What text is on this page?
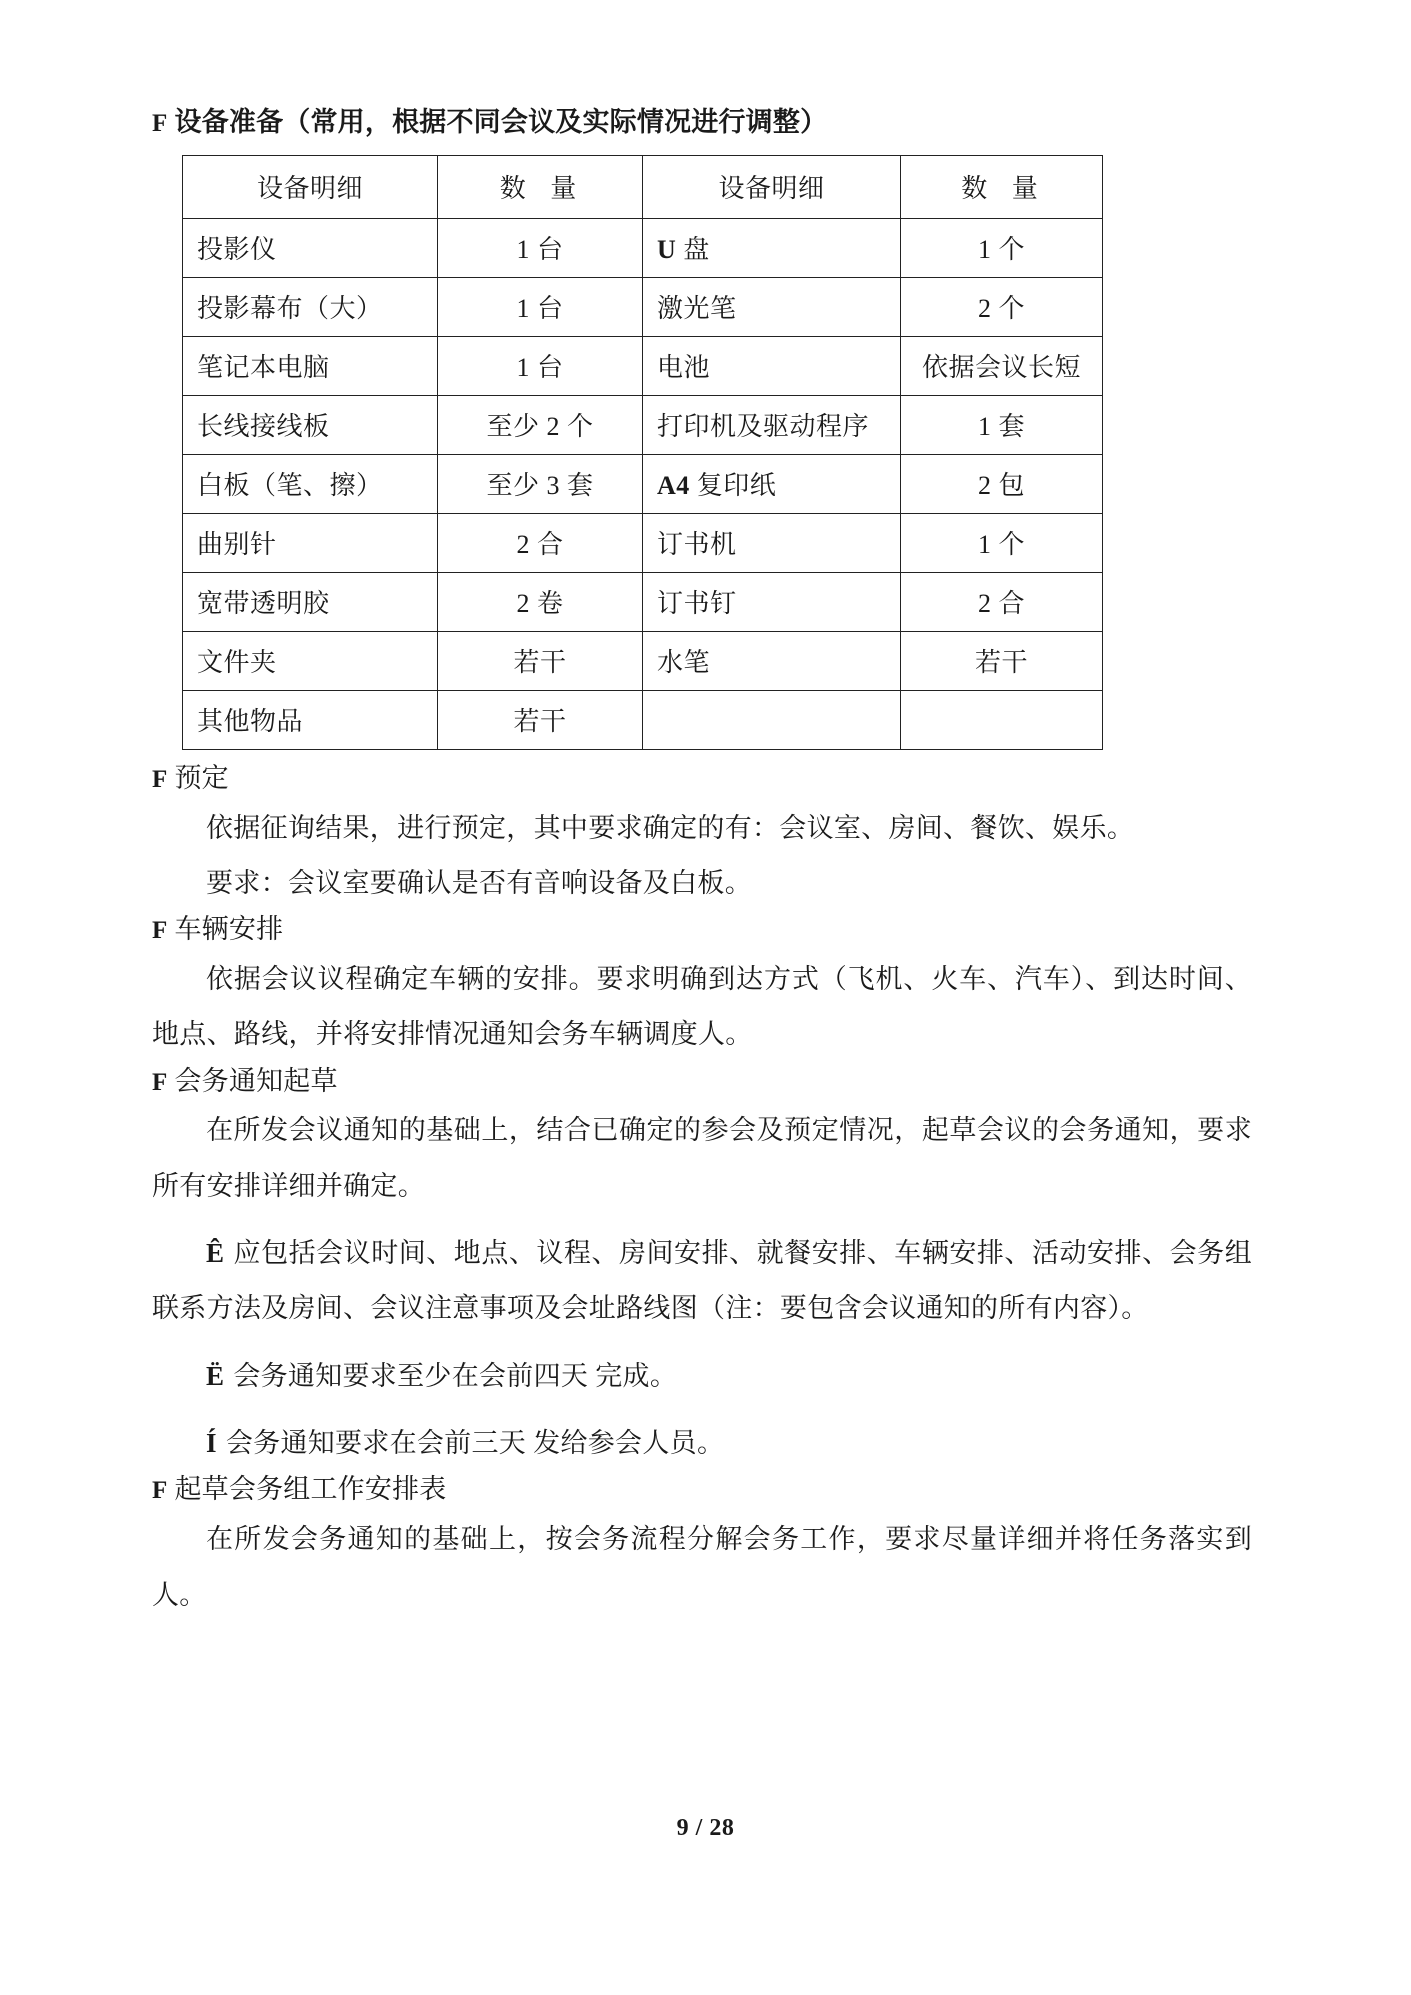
F 设备准备（常用，根据不同会议及实际情况进行调整）
设备明细	数 量	设备明细	数 量
投影仪	1 台	U 盘	1 个
投影幕布（大）	1 台	激光笔	2 个
笔记本电脑	1 台	电池	依据会议长短
长线接线板	至少 2 个	打印机及驱动程序	1 套
白板（笔、擦）	至少 3 套	A4 复印纸	2 包
曲别针	2 合	订书机	1 个
宽带透明胶	2 卷	订书钉	2 合
文件夹	若干	水笔	若干
其他物品	若干		
F 预定

依据征询结果，进行预定，其中要求确定的有：会议室、房间、餐饮、娱乐。

要求：会议室要确认是否有音响设备及白板。

F 车辆安排

依据会议议程确定车辆的安排。要求明确到达方式（飞机、火车、汽车）、到达时间、地点、路线，并将安排情况通知会务车辆调度人。

F 会务通知起草

在所发会议通知的基础上，结合已确定的参会及预定情况，起草会议的会务通知，要求所有安排详细并确定。

Ê 应包括会议时间、地点、议程、房间安排、就餐安排、车辆安排、活动安排、会务组联系方法及房间、会议注意事项及会址路线图（注：要包含会议通知的所有内容）。

Ë 会务通知要求至少在会前四天 完成。

Í 会务通知要求在会前三天 发给参会人员。

F 起草会务组工作安排表

在所发会务通知的基础上，按会务流程分解会务工作，要求尽量详细并将任务落实到人。

9 / 28
